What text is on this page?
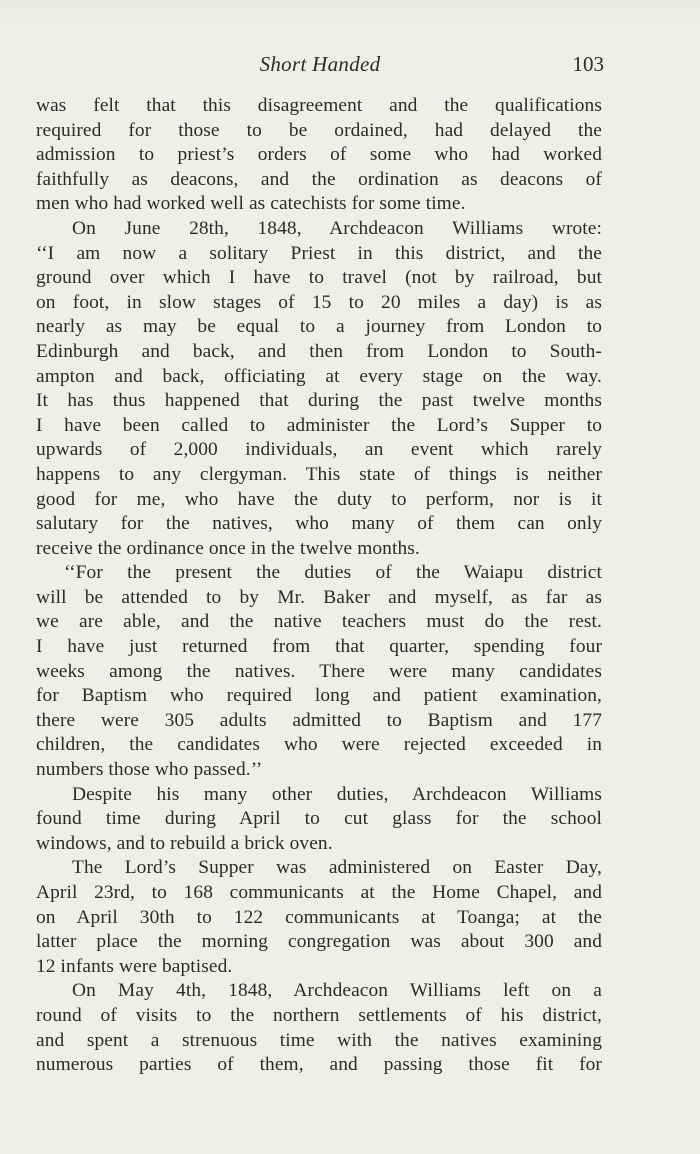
Short Handed	103
was felt that this disagreement and the qualifications
required for those to be ordained, had delayed the
admission to priest’s orders of some who had worked
faithfully as deacons, and the ordination as deacons of
men who had worked well as catechists for some time.
On June 28th, 1848, Archdeacon Williams wrote:
‘‘I am now a solitary Priest in this district, and the
ground over which I have to travel (not by railroad, but
on foot, in slow stages of 15 to 20 miles a day) is as
nearly as may be equal to a journey from London to
Edinburgh and back, and then from London to South-
ampton and back, officiating at every stage on the way.
It has thus happened that during the past twelve months
I have been called to administer the Lord’s Supper to
upwards of 2,000 individuals, an event which rarely
happens to any clergyman. This state of things is neither
good for me, who have the duty to perform, nor is it
salutary for the natives, who many of them can only
receive the ordinance once in the twelve months.
‘‘For the present the duties of the Waiapu district
will be attended to by Mr. Baker and myself, as far as
we are able, and the native teachers must do the rest.
I have just returned from that quarter, spending four
weeks among the natives. There were many candidates
for Baptism who required long and patient examination,
there were 305 adults admitted to Baptism and 177
children, the candidates who were rejected exceeded in
numbers those who passed.’’
Despite his many other duties, Archdeacon Williams
found time during April to cut glass for the school
windows, and to rebuild a brick oven.
The Lord’s Supper was administered on Easter Day,
April 23rd, to 168 communicants at the Home Chapel, and
on April 30th to 122 communicants at Toanga; at the
latter place the morning congregation was about 300 and
12 infants were baptised.
On May 4th, 1848, Archdeacon Williams left on a
round of visits to the northern settlements of his district,
and spent a strenuous time with the natives examining
numerous parties of them, and passing those fit for
